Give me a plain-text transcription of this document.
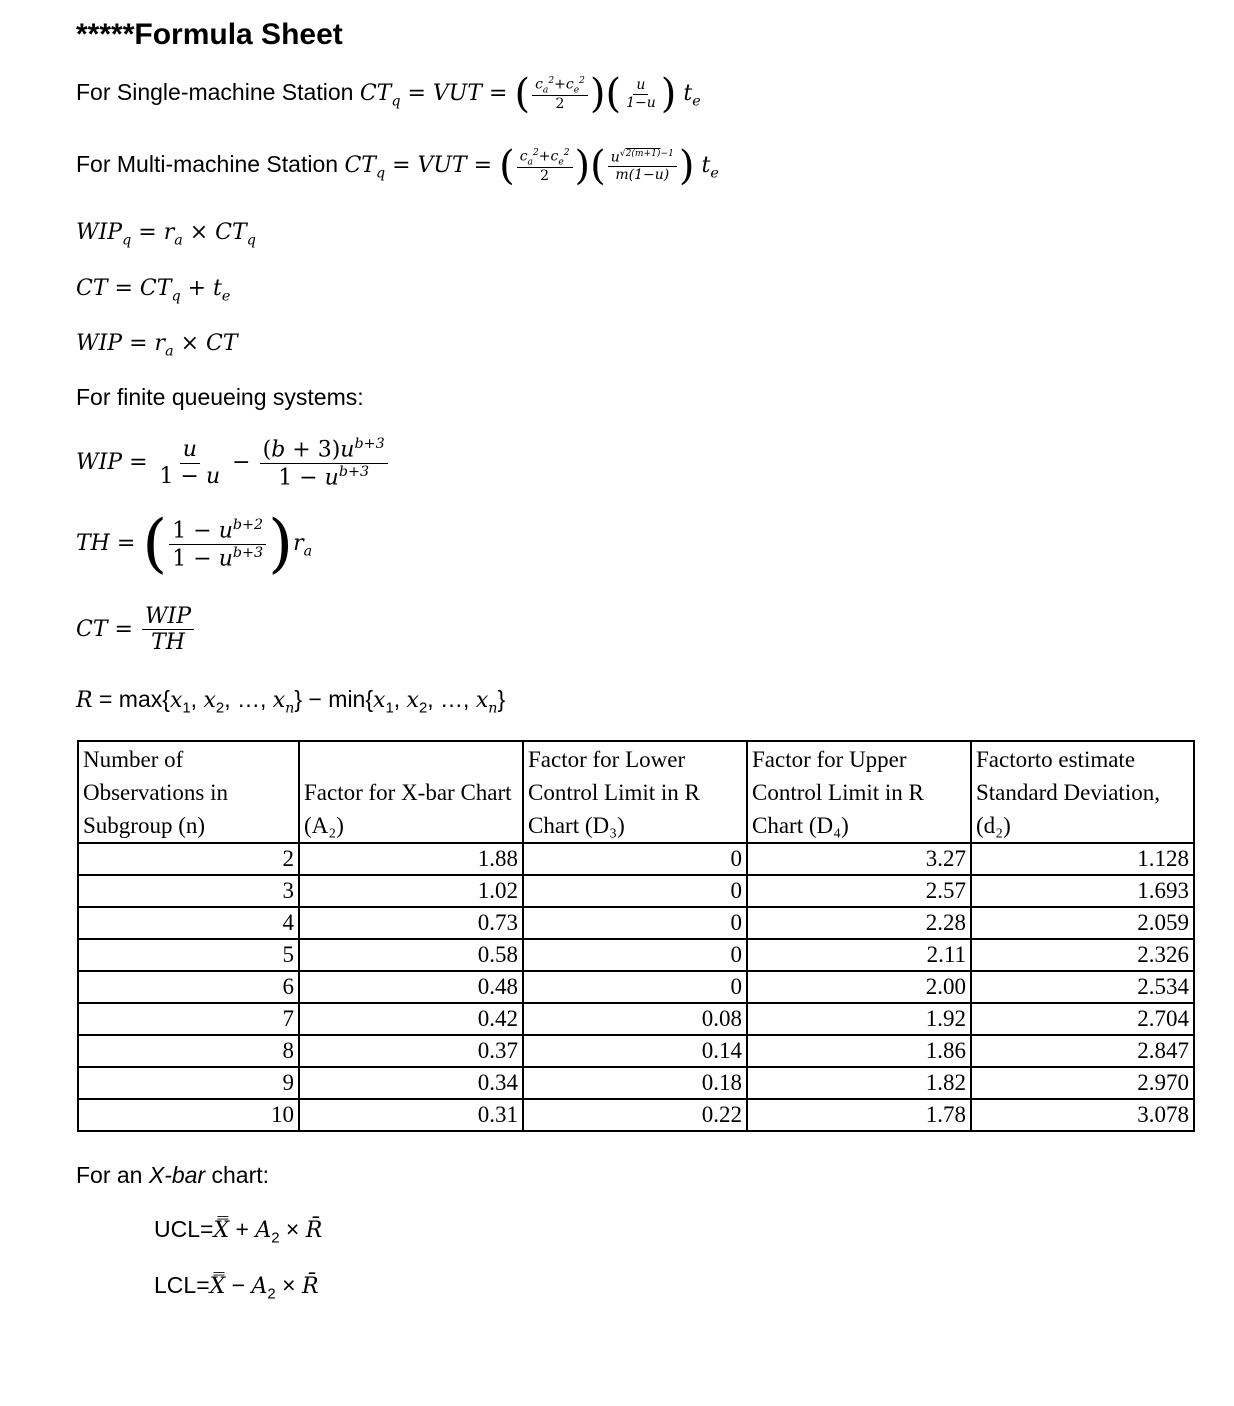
*****Formula Sheet
For Single-machine Station $CT_q$ = VUT = ( $\frac{c_a^2+c_e^2}{2}$ )( $\frac{u}{1-u}$ ) $t_e$
For Multi-machine Station $CT_q$ = VUT = ( $\frac{c_a^2+c_e^2}{2}$ )( $\frac{u^{√2(m+1)-1}}{m(1-u)}$ ) $t_e$
$WIP_q = r_a \times CT_q$
CT = $CT_q + t_e$
WIP = $r_a$ × CT
For finite queueing systems:
WIP = $\frac{u}{1 - u} - \frac{(b + 3)u^{b+3}}{1 - u^{b+3}}$
TH = ( $\frac{1 - u^{b+2}}{1 - u^{b+3}} )r_a$
CT = $\frac{\text{WIP}}{TH}$
$R = \max\{x_1$, $x_2$, …, $x_n\} - \min\{x_1$, $x_2$, …, $x_n$}
Number of Observations in Subgroup (n)	Factor for X-bar Chart (A₂)	Factor for Lower Control Limit in R Chart (D₃)	Factor for Upper Control Limit in R Chart (D₄)	Factorto estimate Standard Deviation, (d₂)
2	1.88	0	3.27	1.128
3	1.02	0	2.57	1.693
4	0.73	0	2.28	2.059
5	0.58	0	2.11	2.326
6	0.48	0	2.00	2.534
7	0.42	0.08	1.92	2.704
8	0.37	0.14	1.86	2.847
9	0.34	0.18	1.82	2.970
10	0.31	0.22	1.78	3.078
For an X-bar chart:
UCL=X̿ + $A_2$ × R̄
LCL=X̿ − $A_2$ × R̄
